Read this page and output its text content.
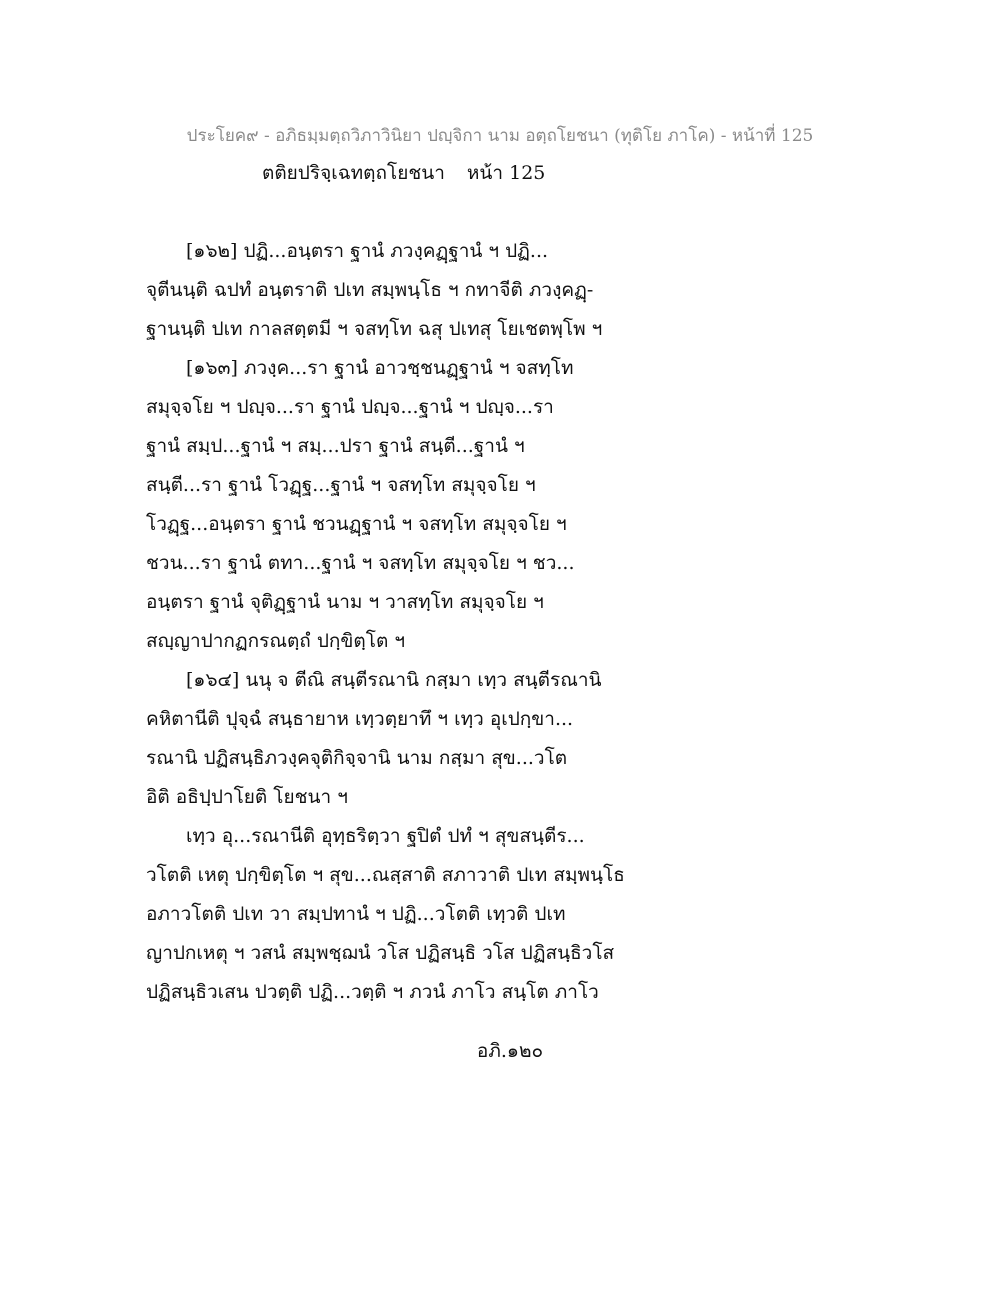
ประโยค๙ - อภิธมฺมตฺถวิภาวินิยา ปญฺจิกา นาม อตฺถโยชนา (ทุติโย ภาโค) - หน้าที่ 125
ตติยปริจฺเฉทตฺถโยชนา หน้า 125
[๑๖๒] ปฏิ...อนฺตรา ฐานํ ภวงฺคฏฺฐานํ ฯ ปฏิ...
จุตีนนฺติ ฉปทํ อนฺตราติ ปเท สมฺพนฺโธ ฯ กทาจีติ ภวงฺคฏฺ-
ฐานนฺติ ปเท กาลสตฺตมี ฯ จสทฺโท ฉสุ ปเทสุ โยเชตพฺโพ ฯ
[๑๖๓] ภวงฺค...รา ฐานํ อาวชฺชนฏฺฐานํ ฯ จสทฺโท
สมุจฺจโย ฯ ปญฺจ...รา ฐานํ ปญฺจ...ฐานํ ฯ ปญฺจ...รา
ฐานํ สมฺป...ฐานํ ฯ สมฺ...ปรา ฐานํ สนฺตี...ฐานํ ฯ
สนฺตี...รา ฐานํ โวฏฺฐ...ฐานํ ฯ จสทฺโท สมุจฺจโย ฯ
โวฏฺฐ...อนฺตรา ฐานํ ชวนฏฺฐานํ ฯ จสทฺโท สมุจฺจโย ฯ
ชวน...รา ฐานํ ตทา...ฐานํ ฯ จสทฺโท สมุจฺจโย ฯ ชว...
อนฺตรา ฐานํ จุติฏฺฐานํ นาม ฯ วาสทฺโท สมุจฺจโย ฯ
สญฺญาปากฏกรณตฺถํ ปกฺขิตฺโต ฯ
[๑๖๔] นนุ จ ตีณิ สนฺตีรณานิ กสฺมา เทฺว สนฺตีรณานิ
คหิตานีติ ปุจฺฉํ สนฺธายาห เทฺวตฺยาทึ ฯ เทฺว อุเปกฺขา...
รณานิ ปฏิสนฺธิภวงฺคจุติกิจฺจานิ นาม กสฺมา สุข...วโต
อิติ อธิปฺปาโยติ โยชนา ฯ
เทฺว อุ...รณานีติ อุทฺธริตฺวา ฐปิตํ ปทํ ฯ สุขสนฺตีร...
วโตติ เหตุ ปกฺขิตฺโต ฯ สุข...ณสฺสาติ สภาวาติ ปเท สมฺพนฺโธ
อภาวโตติ ปเท วา สมฺปทานํ ฯ ปฏิ...วโตติ เทฺวติ ปเท
ญาปกเหตุ ฯ วสนํ สมฺพชฺฌนํ วโส ปฏิสนฺธิ วโส ปฏิสนฺธิวโส
ปฏิสนฺธิวเสน ปวตฺติ ปฏิ...วตฺติ ฯ ภวนํ ภาโว สนฺโต ภาโว
อภิ.๑๒๐
